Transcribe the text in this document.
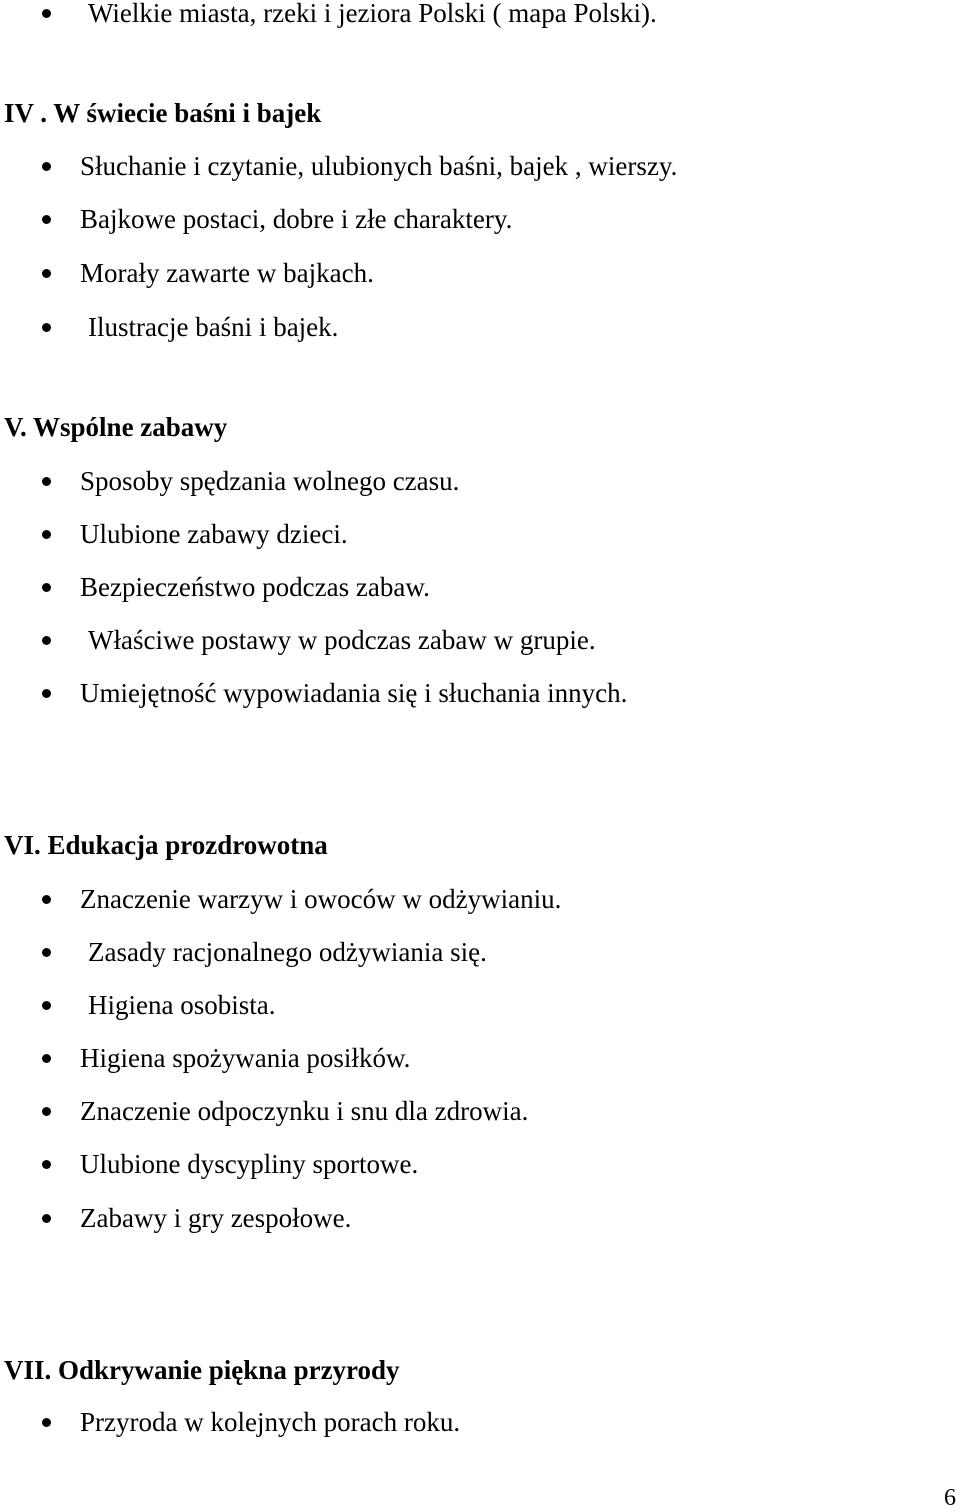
Wielkie miasta, rzeki i jeziora Polski ( mapa Polski).
IV . W świecie baśni i bajek
Słuchanie i czytanie, ulubionych baśni, bajek , wierszy.
Bajkowe postaci, dobre i złe charaktery.
Morały zawarte w bajkach.
Ilustracje baśni i bajek.
V. Wspólne zabawy
Sposoby spędzania wolnego czasu.
Ulubione zabawy dzieci.
Bezpieczeństwo podczas zabaw.
Właściwe postawy w podczas zabaw w grupie.
Umiejętność wypowiadania się i słuchania innych.
VI. Edukacja prozdrowotna
Znaczenie warzyw i owoców w odżywianiu.
Zasady racjonalnego odżywiania się.
Higiena osobista.
Higiena spożywania posiłków.
Znaczenie odpoczynku i snu dla zdrowia.
Ulubione dyscypliny sportowe.
Zabawy i gry zespołowe.
VII. Odkrywanie piękna przyrody
Przyroda w kolejnych porach roku.
6
